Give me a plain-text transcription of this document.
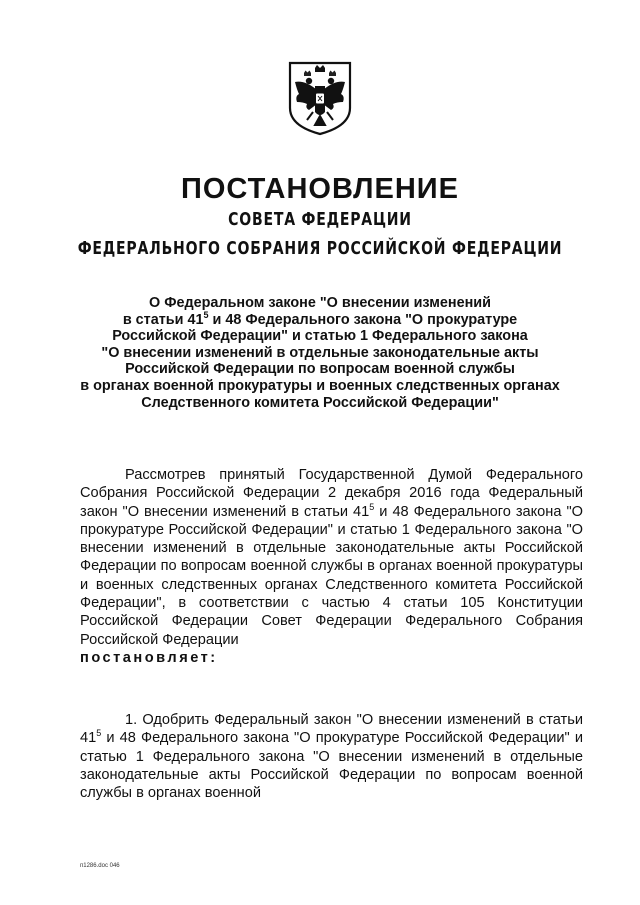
ПОСТАНОВЛЕНИЕ
СОВЕТА ФЕДЕРАЦИИ
ФЕДЕРАЛЬНОГО СОБРАНИЯ РОССИЙСКОЙ ФЕДЕРАЦИИ
О Федеральном законе "О внесении изменений
в статьи $41^5$ и 48 Федерального закона "О прокуратуре
Российской Федерации" и статью 1 Федерального закона
"О внесении изменений в отдельные законодательные акты
Российской Федерации по вопросам военной службы
в органах военной прокуратуры и военных следственных органах
Следственного комитета Российской Федерации"
Рассмотрев принятый Государственной Думой Федерального Собрания Российской Федерации 2 декабря 2016 года Федеральный закон "О внесении изменений в статьи $41^5$ и 48 Федерального закона "О прокуратуре Российской Федерации" и статью 1 Федерального закона "О внесении изменений в отдельные законодательные акты Российской Федерации по вопросам военной службы в органах военной прокуратуры и военных следственных органах Следственного комитета Российской Федерации", в соответствии с частью 4 статьи 105 Конституции Российской Федерации Совет Федерации Федерального Собрания Российской Федерации
постановляет:
1. Одобрить Федеральный закон "О внесении изменений в статьи $41^5$ и 48 Федерального закона "О прокуратуре Российской Федерации" и статью 1 Федерального закона "О внесении изменений в отдельные законодательные акты Российской Федерации по вопросам военной службы в органах военной
п1286.doc 046
